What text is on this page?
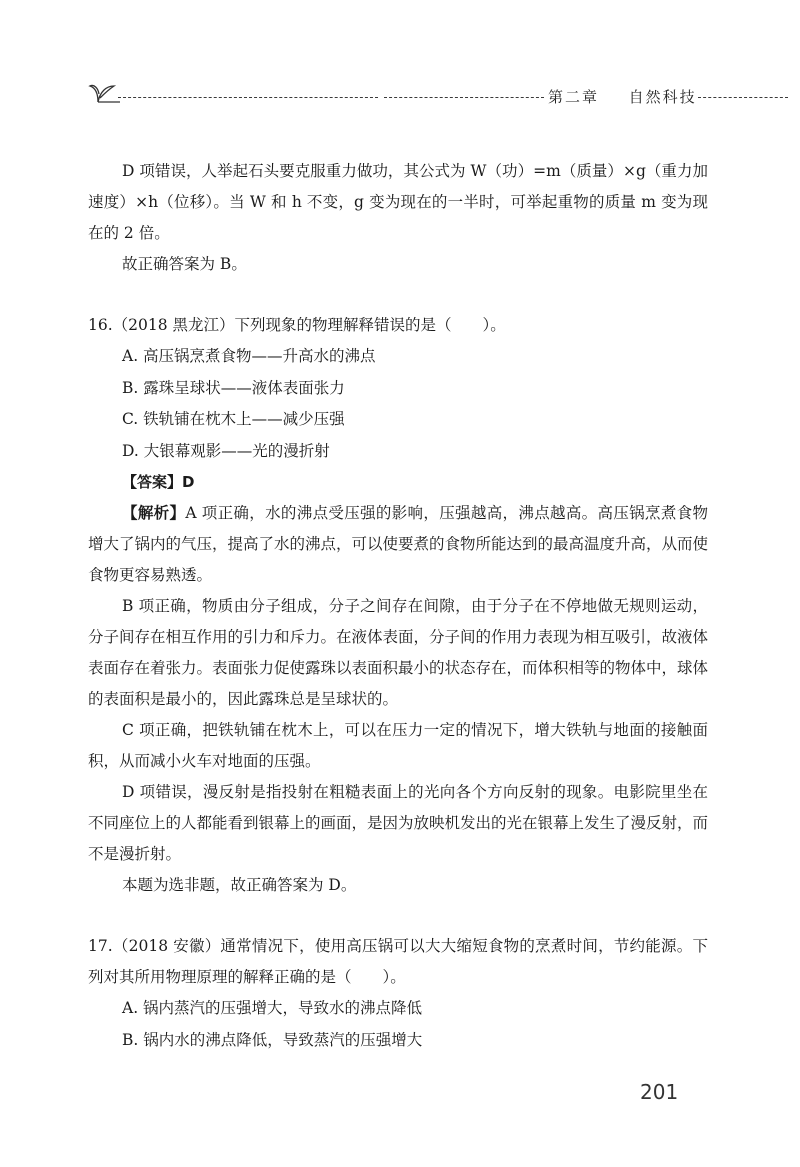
第二章 自然科技

D 项错误，人举起石头要克服重力做功，其公式为 W（功）=m（质量）×g（重力加速度）×h（位移）。当 W 和 h 不变，g 变为现在的一半时，可举起重物的质量 m 变为现在的 2 倍。

故正确答案为 B。

16.（2018 黑龙江）下列现象的物理解释错误的是（　　）。

A. 高压锅烹煮食物——升高水的沸点

B. 露珠呈球状——液体表面张力

C. 铁轨铺在枕木上——减少压强

D. 大银幕观影——光的漫折射

【答案】D

【解析】A 项正确，水的沸点受压强的影响，压强越高，沸点越高。高压锅烹煮食物增大了锅内的气压，提高了水的沸点，可以使要煮的食物所能达到的最高温度升高，从而使食物更容易熟透。

B 项正确，物质由分子组成，分子之间存在间隙，由于分子在不停地做无规则运动，分子间存在相互作用的引力和斥力。在液体表面，分子间的作用力表现为相互吸引，故液体表面存在着张力。表面张力促使露珠以表面积最小的状态存在，而体积相等的物体中，球体的表面积是最小的，因此露珠总是呈球状的。

C 项正确，把铁轨铺在枕木上，可以在压力一定的情况下，增大铁轨与地面的接触面积，从而减小火车对地面的压强。

D 项错误，漫反射是指投射在粗糙表面上的光向各个方向反射的现象。电影院里坐在不同座位上的人都能看到银幕上的画面，是因为放映机发出的光在银幕上发生了漫反射，而不是漫折射。

本题为选非题，故正确答案为 D。

17.（2018 安徽）通常情况下，使用高压锅可以大大缩短食物的烹煮时间，节约能源。下列对其所用物理原理的解释正确的是（　　）。

A. 锅内蒸汽的压强增大，导致水的沸点降低

B. 锅内水的沸点降低，导致蒸汽的压强增大

201
